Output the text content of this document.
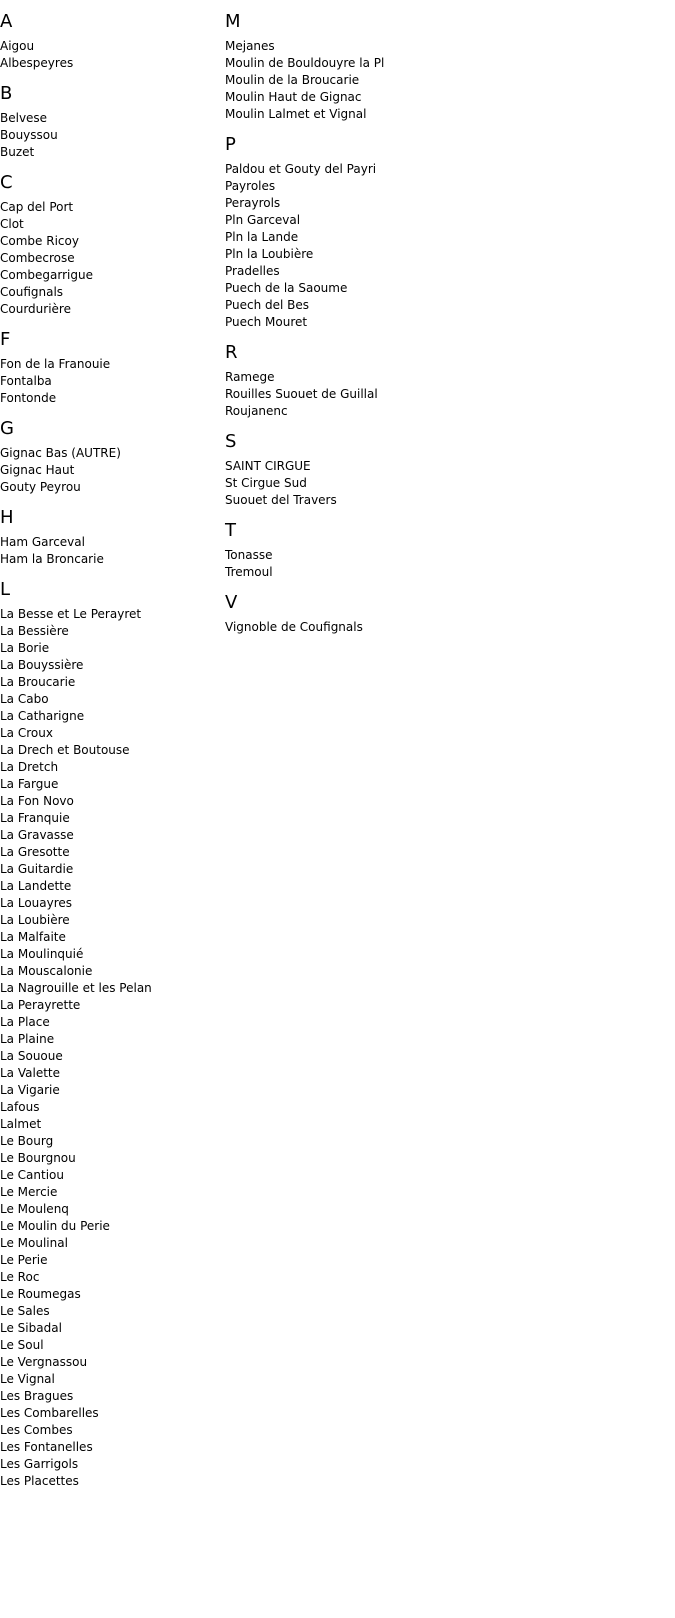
A
Aigou
Albespeyres
B
Belvese
Bouyssou
Buzet
C
Cap del Port
Clot
Combe Ricoy
Combecrose
Combegarrigue
Coufignals
Courdurière
F
Fon de la Franouie
Fontalba
Fontonde
G
Gignac Bas (AUTRE)
Gignac Haut
Gouty Peyrou
H
Ham Garceval
Ham la Broncarie
L
La Besse et Le Perayret
La Bessière
La Borie
La Bouyssière
La Broucarie
La Cabo
La Catharigne
La Croux
La Drech et Boutouse
La Dretch
La Fargue
La Fon Novo
La Franquie
La Gravasse
La Gresotte
La Guitardie
La Landette
La Louayres
La Loubière
La Malfaite
La Moulinquié
La Mouscalonie
La Nagrouille et les Pelan
La Perayrette
La Place
La Plaine
La Sououe
La Valette
La Vigarie
Lafous
Lalmet
Le Bourg
Le Bourgnou
Le Cantiou
Le Mercie
Le Moulenq
Le Moulin du Perie
Le Moulinal
Le Perie
Le Roc
Le Roumegas
Le Sales
Le Sibadal
Le Soul
Le Vergnassou
Le Vignal
Les Bragues
Les Combarelles
Les Combes
Les Fontanelles
Les Garrigols
Les Placettes
M
Mejanes
Moulin de Bouldouyre la Pl
Moulin de la Broucarie
Moulin Haut de Gignac
Moulin Lalmet et Vignal
P
Paldou et Gouty del Payri
Payroles
Perayrols
Pln Garceval
Pln la Lande
Pln la Loubière
Pradelles
Puech de la Saoume
Puech del Bes
Puech Mouret
R
Ramege
Rouilles Suouet de Guillal
Roujanenc
S
SAINT CIRGUE
St Cirgue Sud
Suouet del Travers
T
Tonasse
Tremoul
V
Vignoble de Coufignals
